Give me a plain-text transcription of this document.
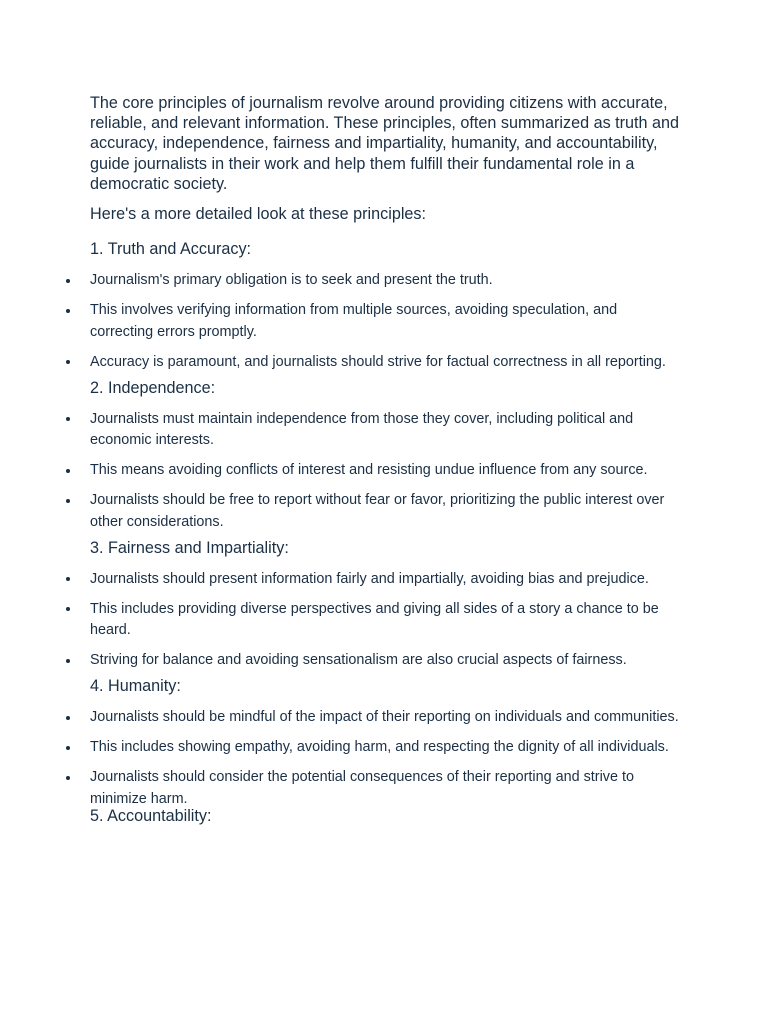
The core principles of journalism revolve around providing citizens with accurate, reliable, and relevant information. These principles, often summarized as truth and accuracy, independence, fairness and impartiality, humanity, and accountability, guide journalists in their work and help them fulfill their fundamental role in a democratic society.

Here's a more detailed look at these principles:

1. Truth and Accuracy:
Journalism's primary obligation is to seek and present the truth.
This involves verifying information from multiple sources, avoiding speculation, and correcting errors promptly.
Accuracy is paramount, and journalists should strive for factual correctness in all reporting.
2. Independence:
Journalists must maintain independence from those they cover, including political and economic interests.
This means avoiding conflicts of interest and resisting undue influence from any source.
Journalists should be free to report without fear or favor, prioritizing the public interest over other considerations.
3. Fairness and Impartiality:
Journalists should present information fairly and impartially, avoiding bias and prejudice.
This includes providing diverse perspectives and giving all sides of a story a chance to be heard.
Striving for balance and avoiding sensationalism are also crucial aspects of fairness.
4. Humanity:
Journalists should be mindful of the impact of their reporting on individuals and communities.
This includes showing empathy, avoiding harm, and respecting the dignity of all individuals.
Journalists should consider the potential consequences of their reporting and strive to minimize harm.
5. Accountability:
